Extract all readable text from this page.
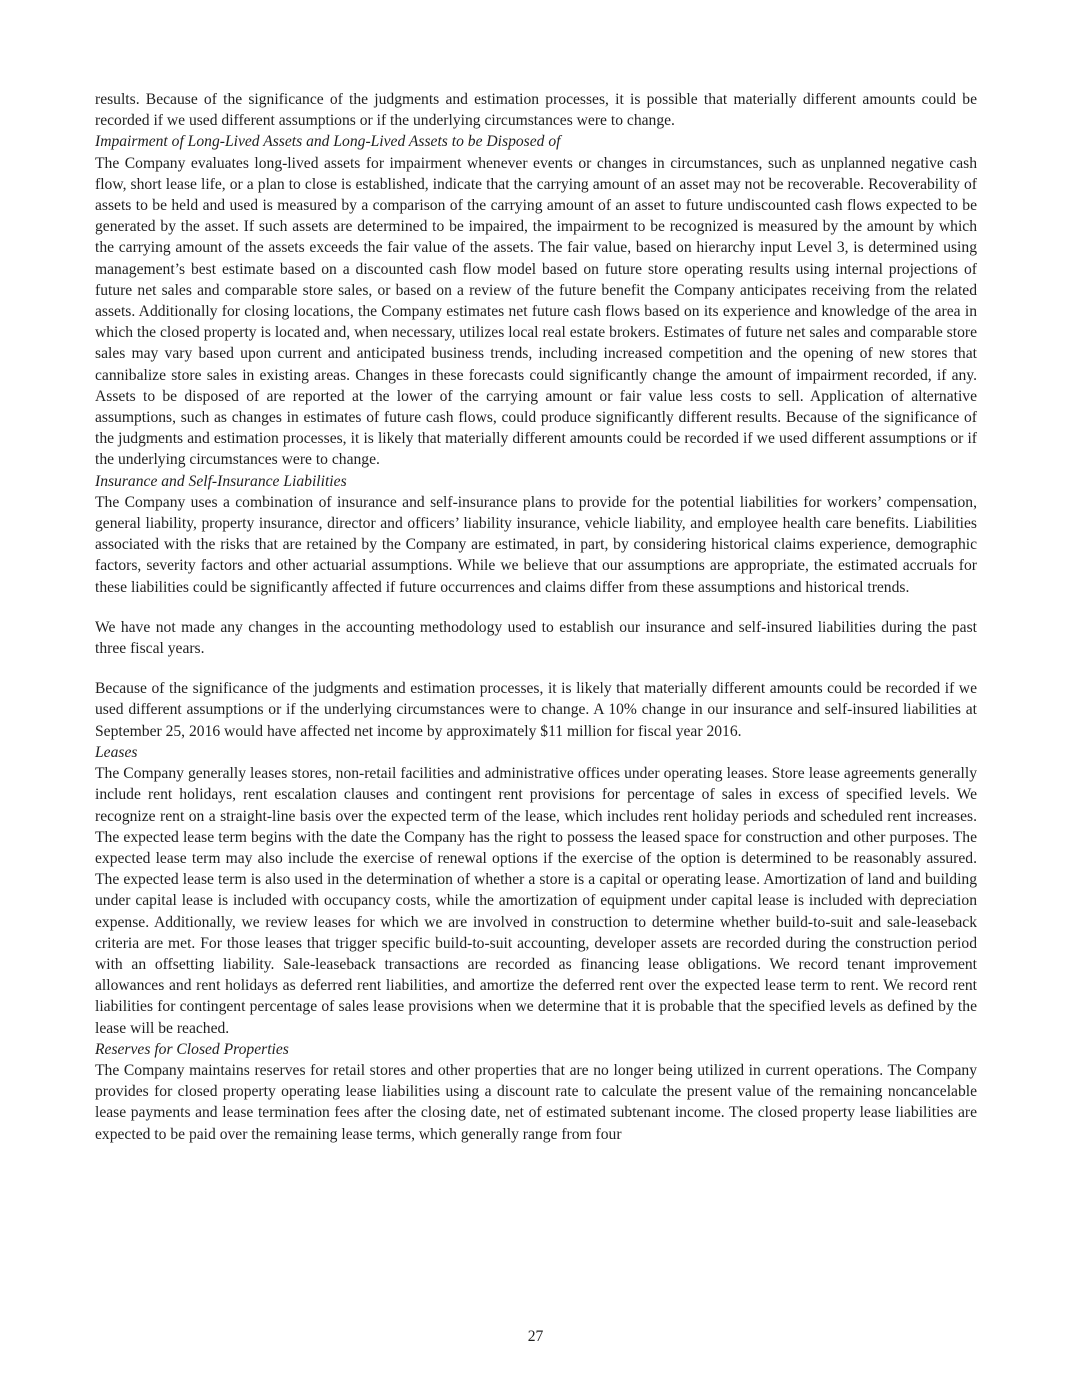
results. Because of the significance of the judgments and estimation processes, it is possible that materially different amounts could be recorded if we used different assumptions or if the underlying circumstances were to change.

Impairment of Long-Lived Assets and Long-Lived Assets to be Disposed of

The Company evaluates long-lived assets for impairment whenever events or changes in circumstances, such as unplanned negative cash flow, short lease life, or a plan to close is established, indicate that the carrying amount of an asset may not be recoverable. Recoverability of assets to be held and used is measured by a comparison of the carrying amount of an asset to future undiscounted cash flows expected to be generated by the asset. If such assets are determined to be impaired, the impairment to be recognized is measured by the amount by which the carrying amount of the assets exceeds the fair value of the assets. The fair value, based on hierarchy input Level 3, is determined using management’s best estimate based on a discounted cash flow model based on future store operating results using internal projections of future net sales and comparable store sales, or based on a review of the future benefit the Company anticipates receiving from the related assets. Additionally for closing locations, the Company estimates net future cash flows based on its experience and knowledge of the area in which the closed property is located and, when necessary, utilizes local real estate brokers. Estimates of future net sales and comparable store sales may vary based upon current and anticipated business trends, including increased competition and the opening of new stores that cannibalize store sales in existing areas. Changes in these forecasts could significantly change the amount of impairment recorded, if any. Assets to be disposed of are reported at the lower of the carrying amount or fair value less costs to sell. Application of alternative assumptions, such as changes in estimates of future cash flows, could produce significantly different results. Because of the significance of the judgments and estimation processes, it is likely that materially different amounts could be recorded if we used different assumptions or if the underlying circumstances were to change.

Insurance and Self-Insurance Liabilities

The Company uses a combination of insurance and self-insurance plans to provide for the potential liabilities for workers’ compensation, general liability, property insurance, director and officers’ liability insurance, vehicle liability, and employee health care benefits. Liabilities associated with the risks that are retained by the Company are estimated, in part, by considering historical claims experience, demographic factors, severity factors and other actuarial assumptions. While we believe that our assumptions are appropriate, the estimated accruals for these liabilities could be significantly affected if future occurrences and claims differ from these assumptions and historical trends.

We have not made any changes in the accounting methodology used to establish our insurance and self-insured liabilities during the past three fiscal years.

Because of the significance of the judgments and estimation processes, it is likely that materially different amounts could be recorded if we used different assumptions or if the underlying circumstances were to change. A 10% change in our insurance and self-insured liabilities at September 25, 2016 would have affected net income by approximately $11 million for fiscal year 2016.

Leases

The Company generally leases stores, non-retail facilities and administrative offices under operating leases. Store lease agreements generally include rent holidays, rent escalation clauses and contingent rent provisions for percentage of sales in excess of specified levels. We recognize rent on a straight-line basis over the expected term of the lease, which includes rent holiday periods and scheduled rent increases. The expected lease term begins with the date the Company has the right to possess the leased space for construction and other purposes. The expected lease term may also include the exercise of renewal options if the exercise of the option is determined to be reasonably assured. The expected lease term is also used in the determination of whether a store is a capital or operating lease. Amortization of land and building under capital lease is included with occupancy costs, while the amortization of equipment under capital lease is included with depreciation expense. Additionally, we review leases for which we are involved in construction to determine whether build-to-suit and sale-leaseback criteria are met. For those leases that trigger specific build-to-suit accounting, developer assets are recorded during the construction period with an offsetting liability. Sale-leaseback transactions are recorded as financing lease obligations. We record tenant improvement allowances and rent holidays as deferred rent liabilities, and amortize the deferred rent over the expected lease term to rent. We record rent liabilities for contingent percentage of sales lease provisions when we determine that it is probable that the specified levels as defined by the lease will be reached.

Reserves for Closed Properties

The Company maintains reserves for retail stores and other properties that are no longer being utilized in current operations. The Company provides for closed property operating lease liabilities using a discount rate to calculate the present value of the remaining noncancelable lease payments and lease termination fees after the closing date, net of estimated subtenant income. The closed property lease liabilities are expected to be paid over the remaining lease terms, which generally range from four

27
